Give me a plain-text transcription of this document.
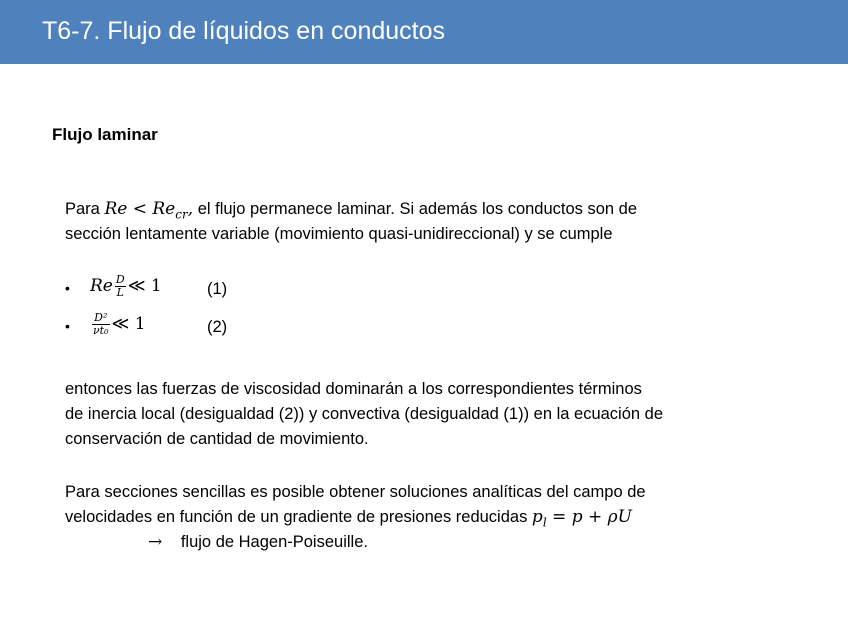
T6-7. Flujo de líquidos en conductos
Flujo laminar
Para $Re < Re_{cr}$, el flujo permanece laminar. Si además los conductos son de
sección lentamente variable (movimiento quasi-unidireccional) y se cumple
• Re $\frac{D}{L}$ ≪ 1	(1)
• $\frac{\text{D²}}{\text{νt₀}}$ ≪ 1	(2)
entonces las fuerzas de viscosidad dominarán a los correspondientes términos
de inercia local (desigualdad (2)) y convectiva (desigualdad (1)) en la ecuación de
conservación de cantidad de movimiento.
Para secciones sencillas es posible obtener soluciones analíticas del campo de
velocidades en función de un gradiente de presiones reducidas $p_l = p + \rho U$
→ flujo de Hagen-Poiseuille.
